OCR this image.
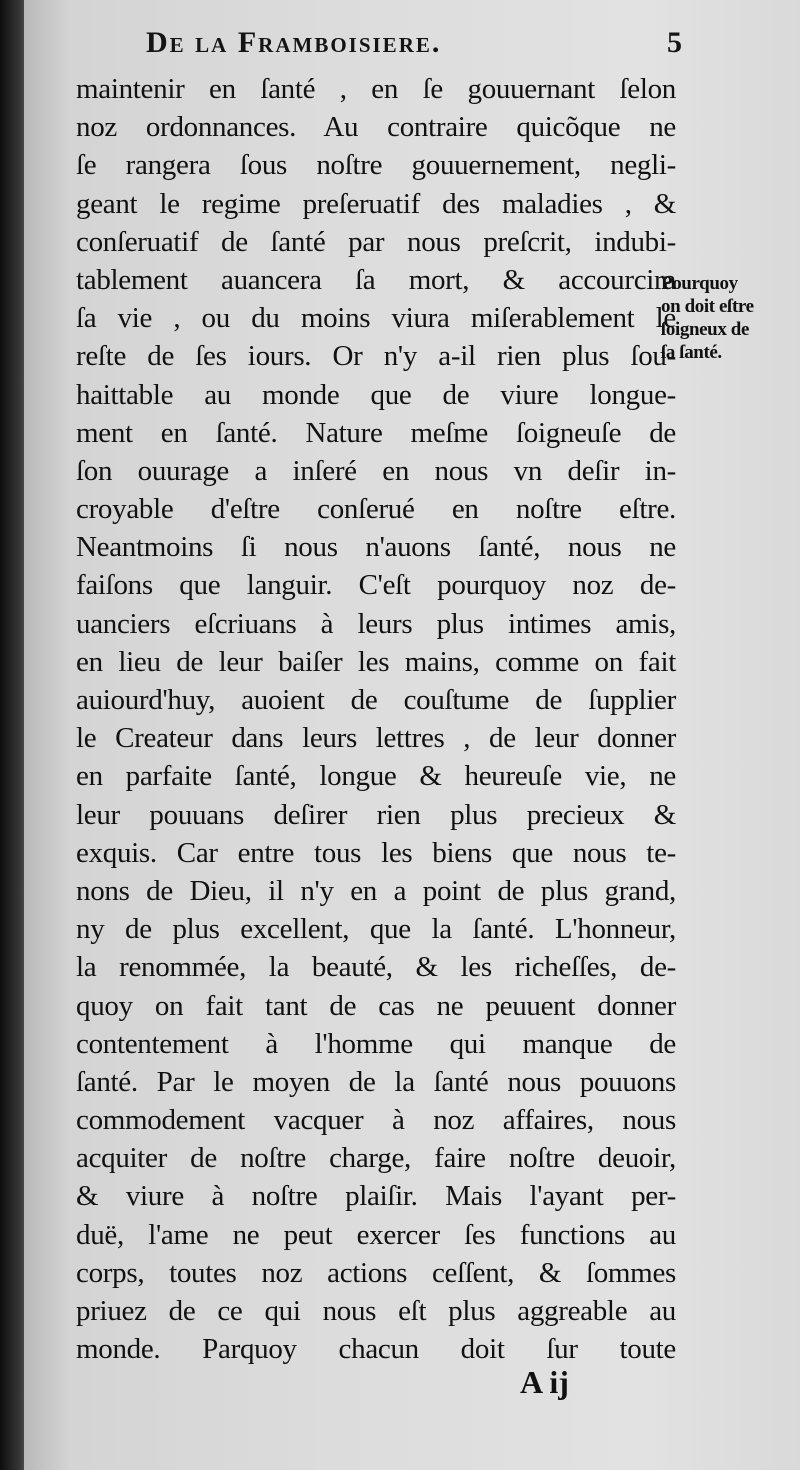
De la Framboisiere.	5
maintenir en ſanté , en ſe gouuernant ſelon
noz ordonnances. Au contraire quicõque ne
ſe rangera ſous noſtre gouuernement, negli-
geant le regime preſeruatif des maladies , &
conſeruatif de ſanté par nous preſcrit, indubi-
tablement auancera ſa mort, & accourcira
ſa vie , ou du moins viura miſerablement le
reſte de ſes iours. Or n'y a-il rien plus ſou-
haittable au monde que de viure longue-
ment en ſanté. Nature meſme ſoigneuſe de
ſon ouurage a inſeré en nous vn deſir in-
croyable d'eſtre conſerué en noſtre eſtre.
Neantmoins ſi nous n'auons ſanté, nous ne
faiſons que languir. C'eſt pourquoy noz de-
uanciers eſcriuans à leurs plus intimes amis,
en lieu de leur baiſer les mains, comme on fait
auiourd'huy, auoient de couſtume de ſupplier
le Createur dans leurs lettres , de leur donner
en parfaite ſanté, longue & heureuſe vie, ne
leur pouuans deſirer rien plus precieux &
exquis. Car entre tous les biens que nous te-
nons de Dieu, il n'y en a point de plus grand,
ny de plus excellent, que la ſanté. L'honneur,
la renommée, la beauté, & les richeſſes, de-
quoy on fait tant de cas ne peuuent donner
contentement à l'homme qui manque de
ſanté. Par le moyen de la ſanté nous pouuons
commodement vacquer à noz affaires, nous
acquiter de noſtre charge, faire noſtre deuoir,
& viure à noſtre plaiſir. Mais l'ayant per-
duë, l'ame ne peut exercer ſes functions au
corps, toutes noz actions ceſſent, & ſommes
priuez de ce qui nous eſt plus aggreable au
monde. Parquoy chacun doit ſur toute
Pourquoy
on doit eſtre
ſoigneux de
ſa ſanté.
A ij
